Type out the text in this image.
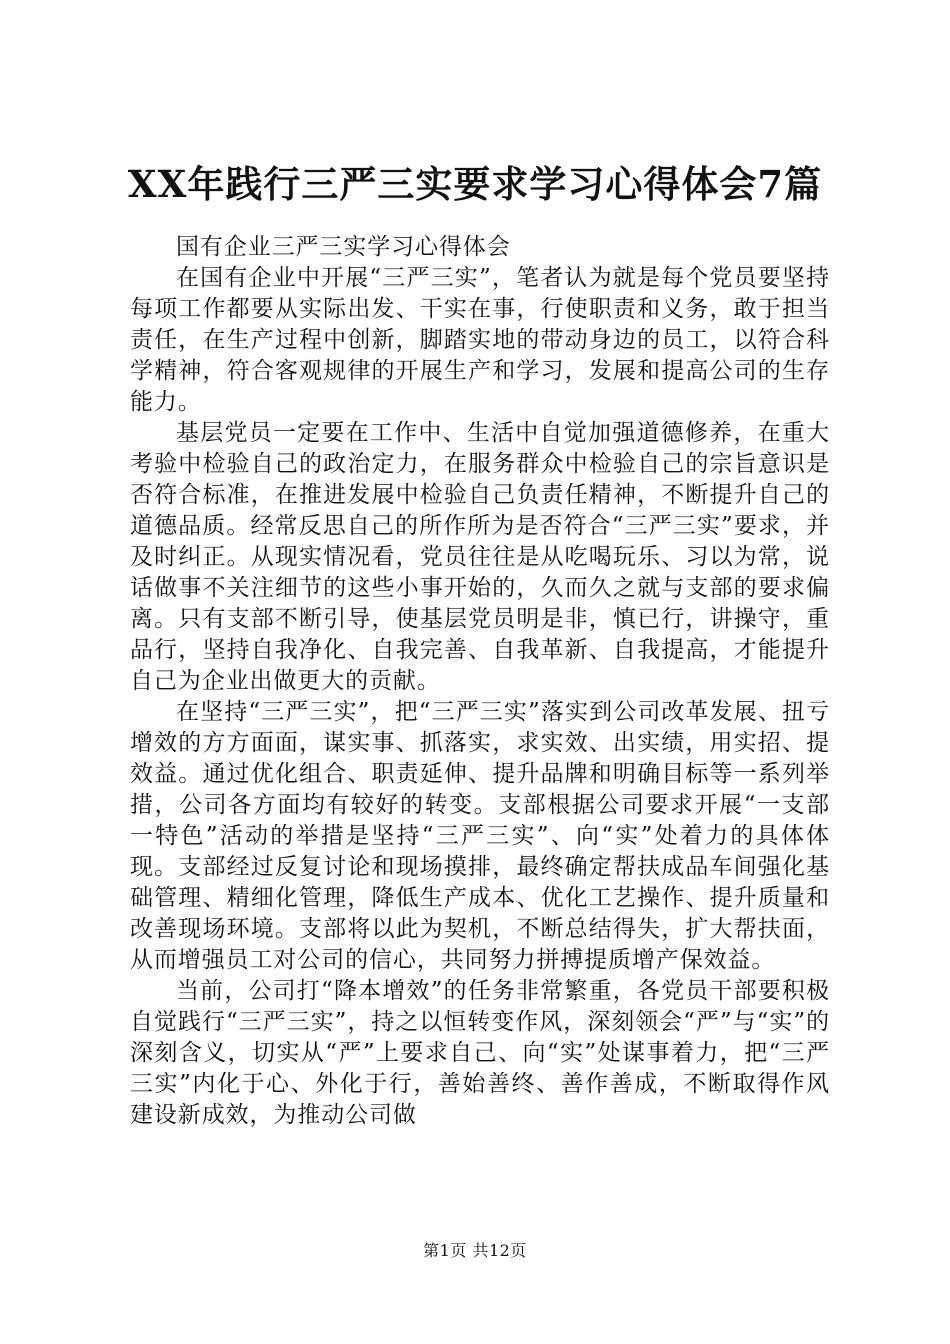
XX年践行三严三实要求学习心得体会7篇

国有企业三严三实学习心得体会

在国有企业中开展“三严三实”，笔者认为就是每个党员要坚持每项工作都要从实际出发、干实在事，行使职责和义务，敢于担当责任，在生产过程中创新，脚踏实地的带动身边的员工，以符合科学精神，符合客观规律的开展生产和学习，发展和提高公司的生存能力。

基层党员一定要在工作中、生活中自觉加强道德修养，在重大考验中检验自己的政治定力，在服务群众中检验自己的宗旨意识是否符合标准，在推进发展中检验自己负责任精神，不断提升自己的道德品质。经常反思自己的所作所为是否符合“三严三实”要求，并及时纠正。从现实情况看，党员往往是从吃喝玩乐、习以为常，说话做事不关注细节的这些小事开始的，久而久之就与支部的要求偏离。只有支部不断引导，使基层党员明是非，慎已行，讲操守，重品行，坚持自我净化、自我完善、自我革新、自我提高，才能提升自己为企业出做更大的贡献。

在坚持“三严三实”，把“三严三实”落实到公司改革发展、扭亏增效的方方面面，谋实事、抓落实，求实效、出实绩，用实招、提效益。通过优化组合、职责延伸、提升品牌和明确目标等一系列举措，公司各方面均有较好的转变。支部根据公司要求开展“一支部一特色”活动的举措是坚持“三严三实”、向“实”处着力的具体体现。支部经过反复讨论和现场摸排，最终确定帮扶成品车间强化基础管理、精细化管理，降低生产成本、优化工艺操作、提升质量和改善现场环境。支部将以此为契机，不断总结得失，扩大帮扶面，从而增强员工对公司的信心，共同努力拼搏提质增产保效益。

当前，公司打“降本增效”的任务非常繁重，各党员干部要积极自觉践行“三严三实”，持之以恒转变作风，深刻领会“严”与“实”的深刻含义，切实从“严”上要求自己、向“实”处谋事着力，把“三严三实”内化于心、外化于行，善始善终、善作善成，不断取得作风建设新成效，为推动公司做

第1页 共12页
